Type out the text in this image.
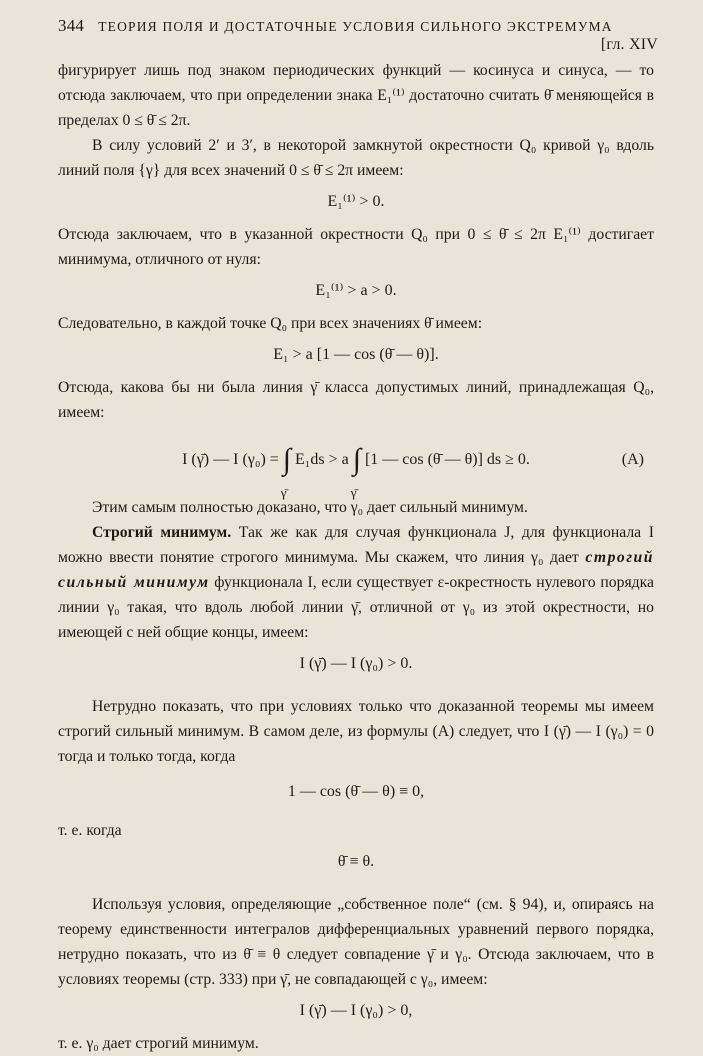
344 ТЕОРИЯ ПОЛЯ И ДОСТАТОЧНЫЕ УСЛОВИЯ СИЛЬНОГО ЭКСТРЕМУМА
[гл. XIV

фигурирует лишь под знаком периодических функций — косинуса и синуса, — то отсюда заключаем, что при определении знака E₁⁽¹⁾ достаточно считать θ̄ меняющейся в пределах 0 ≤ θ̄ ≤ 2π.

В силу условий 2′ и 3′, в некоторой замкнутой окрестности Q₀ кривой γ₀ вдоль линий поля {γ} для всех значений 0 ≤ θ̄ ≤ 2π имеем:

E₁⁽¹⁾ > 0.

Отсюда заключаем, что в указанной окрестности Q₀ при 0 ≤ θ̄ ≤ 2π E₁⁽¹⁾ достигает минимума, отличного от нуля:

E₁⁽¹⁾ > a > 0.

Следовательно, в каждой точке Q₀ при всех значениях θ̄ имеем:

E₁ > a [1 — cos (θ̄ — θ)].

Отсюда, какова бы ни была линия γ̄ класса допустимых линий, принадлежащая Q₀, имеем:

I (γ̄) — I (γ₀) = ∫
γ̄
E₁ds > a ∫
γ̄
[1 — cos (θ̄ — θ)] ds ≥ 0.	(A)

Этим самым полностью доказано, что γ₀ дает сильный минимум.

Строгий минимум. Так же как для случая функционала J, для функционала I можно ввести понятие строгого минимума. Мы скажем, что линия γ₀ дает строгий сильный минимум функционала I, если существует ε-окрестность нулевого порядка линии γ₀ такая, что вдоль любой линии γ̄, отличной от γ₀ из этой окрестности, но имеющей с ней общие концы, имеем:

I (γ̄) — I (γ₀) > 0.

Нетрудно показать, что при условиях только что доказанной теоремы мы имеем строгий сильный минимум. В самом деле, из формулы (A) следует, что I (γ̄) — I (γ₀) = 0 тогда и только тогда, когда

1 — cos (θ̄ — θ) ≡ 0,

т. е. когда

θ̄ ≡ θ.

Используя условия, определяющие „собственное поле“ (см. § 94), и, опираясь на теорему единственности интегралов дифференциальных уравнений первого порядка, нетрудно показать, что из θ̄ ≡ θ следует совпадение γ̄ и γ₀. Отсюда заключаем, что в условиях теоремы (стр. 333) при γ̄, не совпадающей с γ₀, имеем:

I (γ̄) — I (γ₀) > 0,

т. е. γ₀ дает строгий минимум.
